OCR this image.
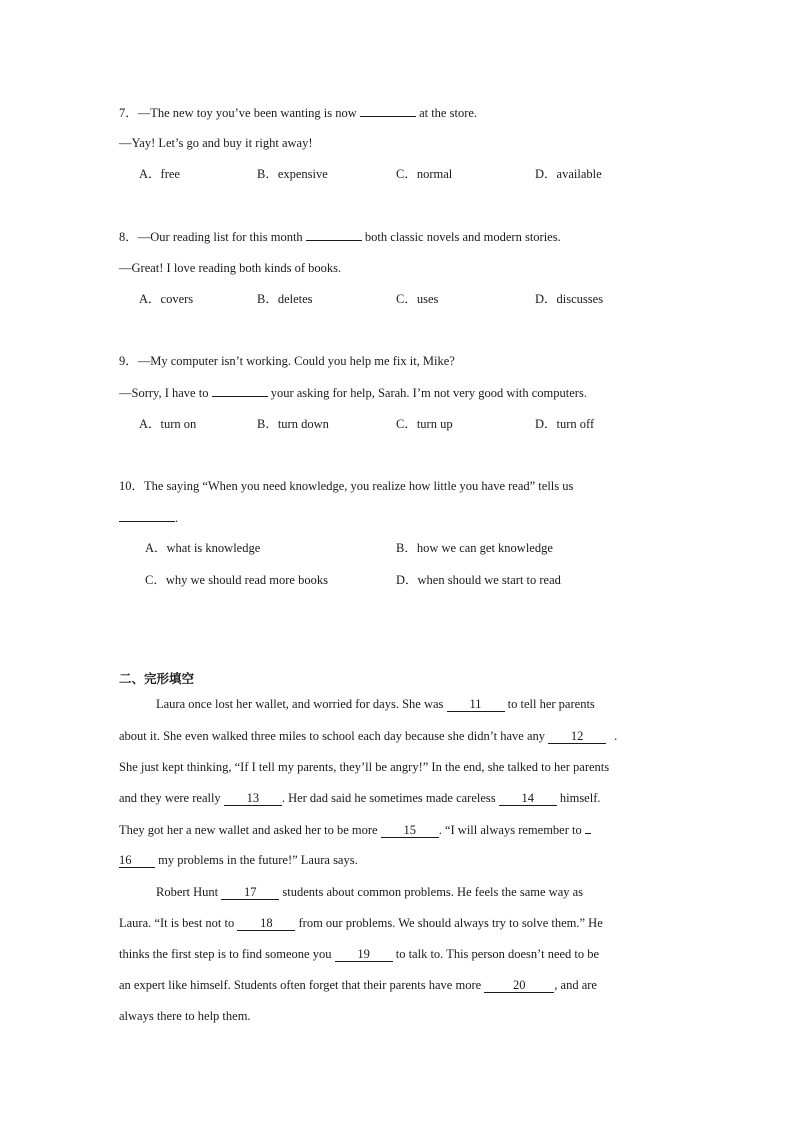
7．—The new toy you’ve been wanting is now	at the store.
—Yay! Let’s go and buy it right away!
A．free	B．expensive	C．normal	D．available
8．—Our reading list for this month	both classic novels and modern stories.
—Great! I love reading both kinds of books.
A．covers	B．deletes	C．uses	D．discusses
9．—My computer isn’t working. Could you help me fix it, Mike?
—Sorry, I have to	your asking for help, Sarah. I’m not very good with computers.
A．turn on	B．turn down	C．turn up	D．turn off
10．The saying “When you need knowledge, you realize how little you have read” tells us
.
A．what is knowledge	B．how we can get knowledge
C．why we should read more books	D．when should we start to read
二、完形填空
Laura once lost her wallet, and worried for days. She was 11 to tell her parents
about it. She even walked three miles to school each day because she didn’t have any 12 .
She just kept thinking, “If I tell my parents, they’ll be angry!” In the end, she talked to her parents
and they were really 13 . Her dad said he sometimes made careless 14 himself.
They got her a new wallet and asked her to be more 15 . “I will always remember to
16 my problems in the future!” Laura says.
Robert Hunt 17 students about common problems. He feels the same way as
Laura. “It is best not to 18 from our problems. We should always try to solve them.” He
thinks the first step is to find someone you 19 to talk to. This person doesn’t need to be
an expert like himself. Students often forget that their parents have more 20 , and are
always there to help them.
